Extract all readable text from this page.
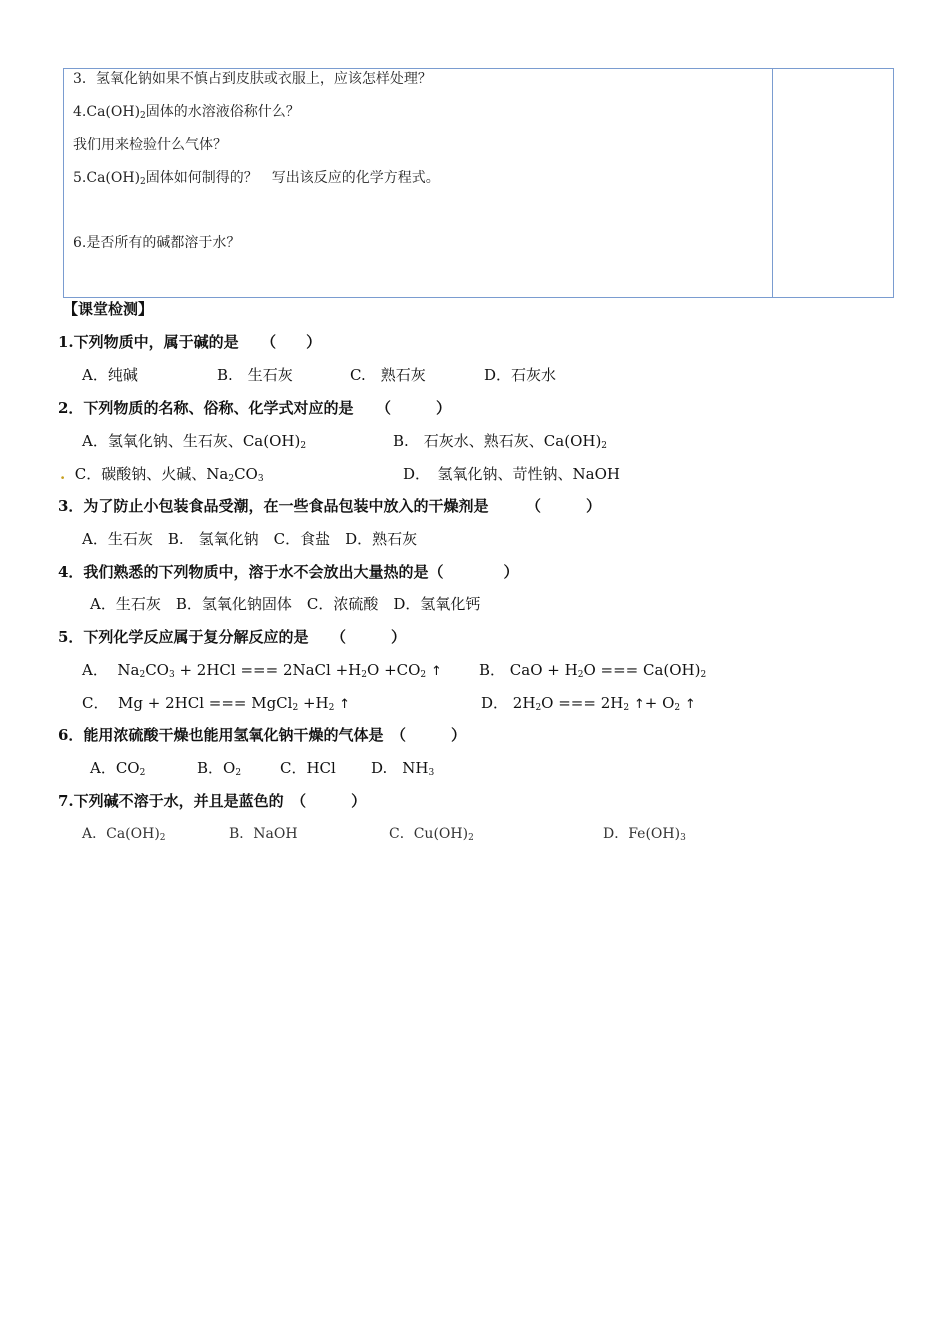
3．氢氧化钠如果不慎占到皮肤或衣服上，应该怎样处理？
$4.Ca(OH)_2$固体的水溶液俗称什么？
我们用来检验什么气体？
$5.Ca(OH)_2$固体如何制得的？　写出该反应的化学方程式。
6.是否所有的碱都溶于水？
【课堂检测】
1.下列物质中，属于碱的是　　（　　）
A．纯碱	B.　生石灰	C.　熟石灰	D．石灰水
2．下列物质的名称、俗称、化学式对应的是　　（　　　）
A．氢氧化钠、生石灰、$Ca(OH)_2$	B.　石灰水、熟石灰、$Ca(OH)_2$
. C．碳酸钠、火碱、$Na_2CO_3$	D．　氢氧化钠、苛性钠、NaOH
3．为了防止小包装食品受潮，在一些食品包装中放入的干燥剂是　　　（　　　）
A．生石灰　B.　氢氧化钠　C．食盐　D．熟石灰
4．我们熟悉的下列物质中，溶于水不会放出大量热的是（　　　　）
A．生石灰　B．氢氧化钠固体　C．浓硫酸　D．氢氧化钙
5．下列化学反应属于复分解反应的是　　（　　　）
A．  $Na_2CO_3 + 2HCl$ === 2NaCl $+H_2O +CO_2$ ↑ B． CaO + $H_2O$ === $Ca(OH)_2$
C．  Mg + 2HCl === MgCl$_2$ $+H_2$ ↑	D． $2H_2O$ === $2H_2$ ↑+ $O_2$ ↑
6．能用浓硫酸干燥也能用氢氧化钠干燥的气体是　（　　　）
A．$CO_2$	B．$O_2$	C．HCl D.　$NH_3$
7.下列碱不溶于水，并且是蓝色的　（　　　）
A．$Ca(OH)_2$	B．NaOH	C．$Cu(OH)_2$	D．$Fe(OH)_3$
